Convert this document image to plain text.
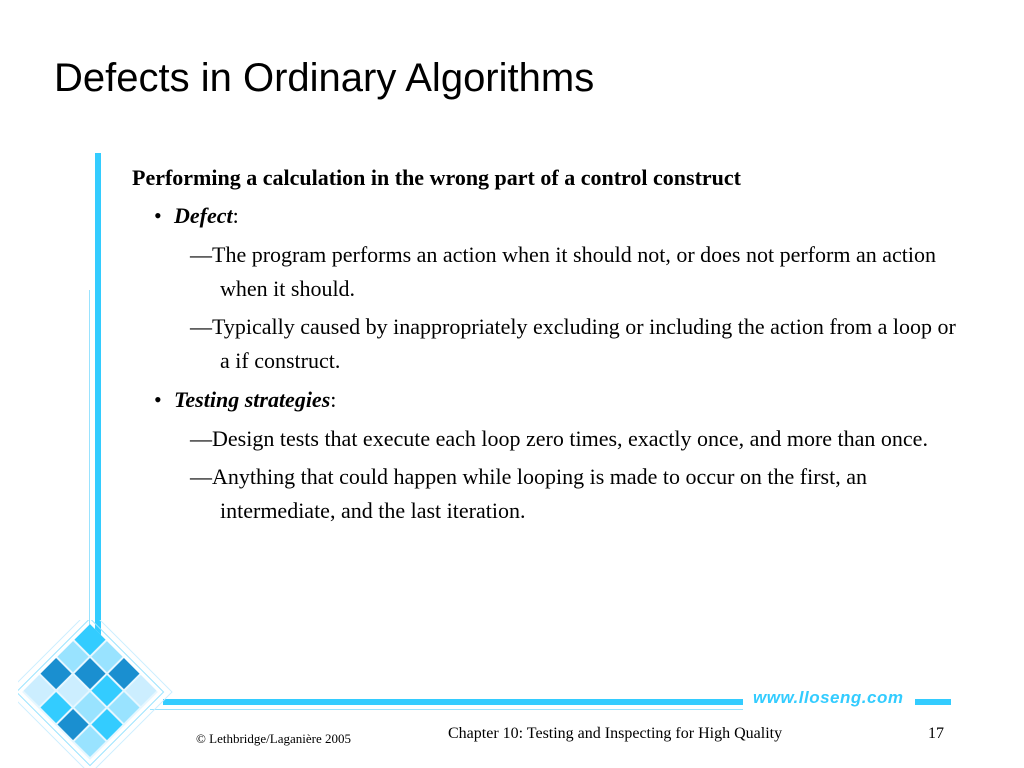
Defects in Ordinary Algorithms
www.lloseng.com
Performing a calculation in the wrong part of a control construct
• Defect:
—The program performs an action when it should not, or does not perform an action when it should.
—Typically caused by inappropriately excluding or including the action from a loop or a if construct.
• Testing strategies:
—Design tests that execute each loop zero times, exactly once, and more than once.
—Anything that could happen while looping is made to occur on the first, an intermediate, and the last iteration.
© Lethbridge/Laganière 2005	Chapter 10: Testing and Inspecting for High Quality	17
